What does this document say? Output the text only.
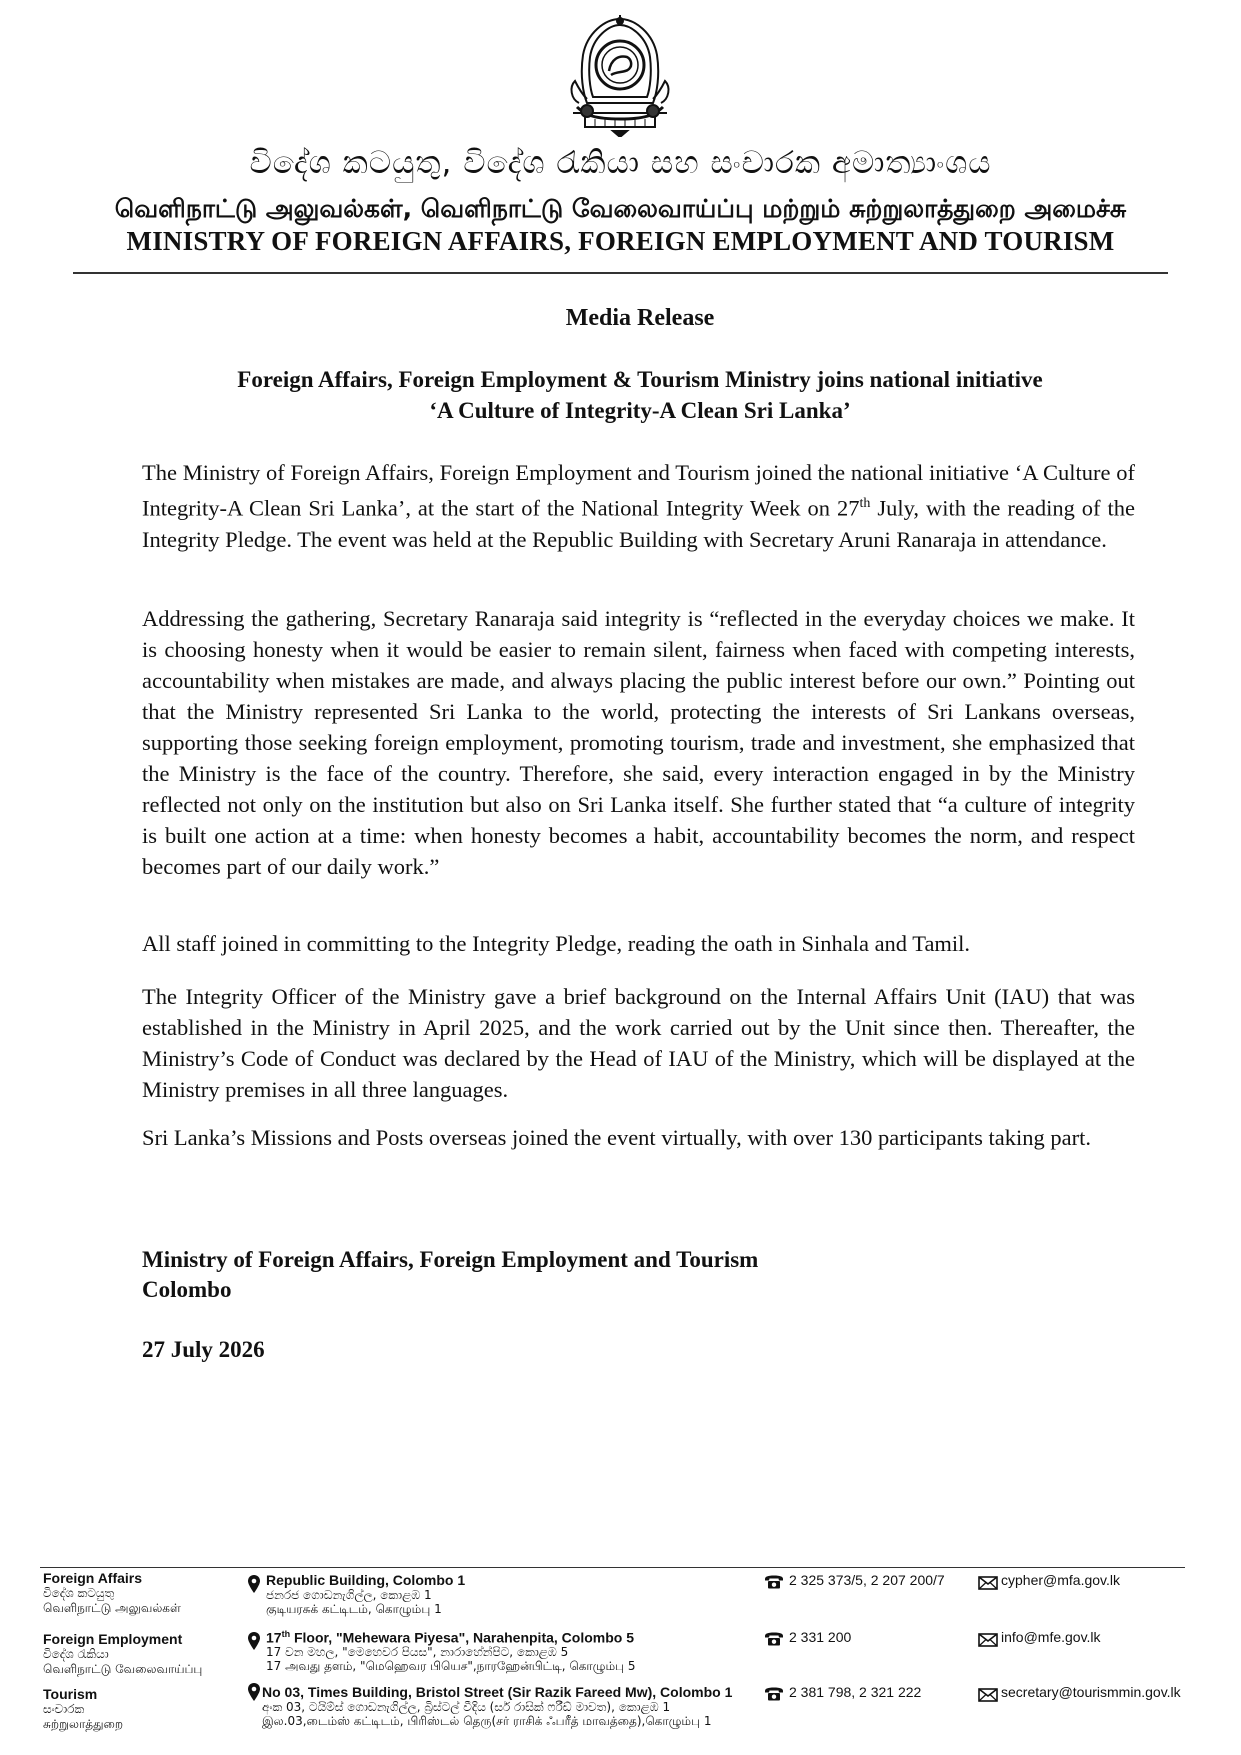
විදේශ කටයුතු, විදේශ රැකියා සහ සංචාරක අමාත්‍යාංශය
வெளிநாட்டு அலுவல்கள், வெளிநாட்டு வேலைவாய்ப்பு மற்றும் சுற்றுலாத்துறை அமைச்சு
MINISTRY OF FOREIGN AFFAIRS, FOREIGN EMPLOYMENT AND TOURISM
Media Release
Foreign Affairs, Foreign Employment & Tourism Ministry joins national initiative
‘A Culture of Integrity-A Clean Sri Lanka’
The Ministry of Foreign Affairs, Foreign Employment and Tourism joined the national initiative ‘A Culture of Integrity-A Clean Sri Lanka’, at the start of the National Integrity Week on 27th July, with the reading of the Integrity Pledge. The event was held at the Republic Building with Secretary Aruni Ranaraja in attendance.
Addressing the gathering, Secretary Ranaraja said integrity is “reflected in the everyday choices we make. It is choosing honesty when it would be easier to remain silent, fairness when faced with competing interests, accountability when mistakes are made, and always placing the public interest before our own.” Pointing out that the Ministry represented Sri Lanka to the world, protecting the interests of Sri Lankans overseas, supporting those seeking foreign employment, promoting tourism, trade and investment, she emphasized that the Ministry is the face of the country. Therefore, she said, every interaction engaged in by the Ministry reflected not only on the institution but also on Sri Lanka itself. She further stated that “a culture of integrity is built one action at a time: when honesty becomes a habit, accountability becomes the norm, and respect becomes part of our daily work.”
All staff joined in committing to the Integrity Pledge, reading the oath in Sinhala and Tamil.
The Integrity Officer of the Ministry gave a brief background on the Internal Affairs Unit (IAU) that was established in the Ministry in April 2025, and the work carried out by the Unit since then. Thereafter, the Ministry’s Code of Conduct was declared by the Head of IAU of the Ministry, which will be displayed at the Ministry premises in all three languages.
Sri Lanka’s Missions and Posts overseas joined the event virtually, with over 130 participants taking part.
Ministry of Foreign Affairs, Foreign Employment and Tourism
Colombo
27 July 2026
Foreign Affairs
විදේශ කටයුතු
வெளிநாட்டு அலுவல்கள்
Republic Building, Colombo 1
ජනරජ ගොඩනැගිල්ල, කොළඹ 1
குடியரசுக் கட்டிடம், கொழும்பு 1
2 325 373/5, 2 207 200/7	cypher@mfa.gov.lk
Foreign Employment
විදේශ රැකියා
வெளிநாட்டு வேலைவாய்ப்பு
17th Floor, "Mehewara Piyesa", Narahenpita, Colombo 5
17 වන මහල, "මෙහෙවර පියස", නාරාහේන්පිට, කොළඹ 5
17 அவது தளம், "மெஹெவர பியெச",நாரஹேன்பிட்டி, கொழும்பு 5
2 331 200	info@mfe.gov.lk
Tourism
සංචාරක
சுற்றுலாத்துறை
No 03, Times Building, Bristol Street (Sir Razik Fareed Mw), Colombo 1
අංක 03, ටයිම්ස් ගොඩනැගිල්ල, බ්‍රිස්ටල් වීදිය (සර් රාසික් ෆරීඩ් මාවත), කොළඹ 1
இல.03,டைம்ஸ் கட்டிடம், பிரிஸ்டல் தெரு(சர் ராசிக் ஃபரீத் மாவத்தை),கொழும்பு 1
2 381 798, 2 321 222	secretary@tourismmin.gov.lk
